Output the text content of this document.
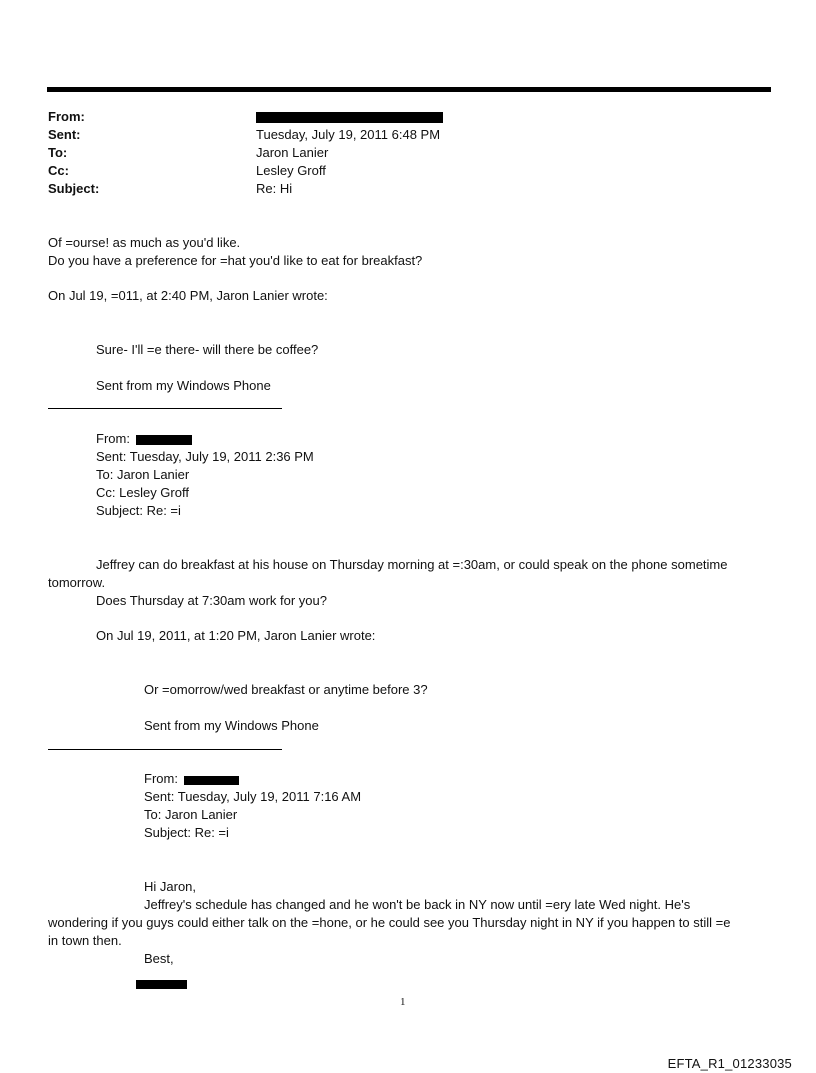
From:
Sent:	Tuesday, July 19, 2011 6:48 PM
To:	Jaron Lanier
Cc:	Lesley Groff
Subject:	Re: Hi
Of =ourse! as much as you'd like.
Do you have a preference for =hat you'd like to eat for breakfast?
On Jul 19, =011, at 2:40 PM, Jaron Lanier wrote:
Sure- I'll =e there- will there be coffee?
Sent from my Windows Phone
From:
Sent: Tuesday, July 19, 2011 2:36 PM
To: Jaron Lanier
Cc: Lesley Groff
Subject: Re: =i
Jeffrey can do breakfast at his house on Thursday morning at =:30am, or could speak on the phone sometime
tomorrow.
Does Thursday at 7:30am work for you?
On Jul 19, 2011, at 1:20 PM, Jaron Lanier wrote:
Or =omorrow/wed breakfast or anytime before 3?
Sent from my Windows Phone
From:
Sent: Tuesday, July 19, 2011 7:16 AM
To: Jaron Lanier
Subject: Re: =i
Hi Jaron,
Jeffrey's schedule has changed and he won't be back in NY now until =ery late Wed night. He's
wondering if you guys could either talk on the =hone, or he could see you Thursday night in NY if you happen to still =e
in town then.
Best,
1
EFTA_R1_01233035
